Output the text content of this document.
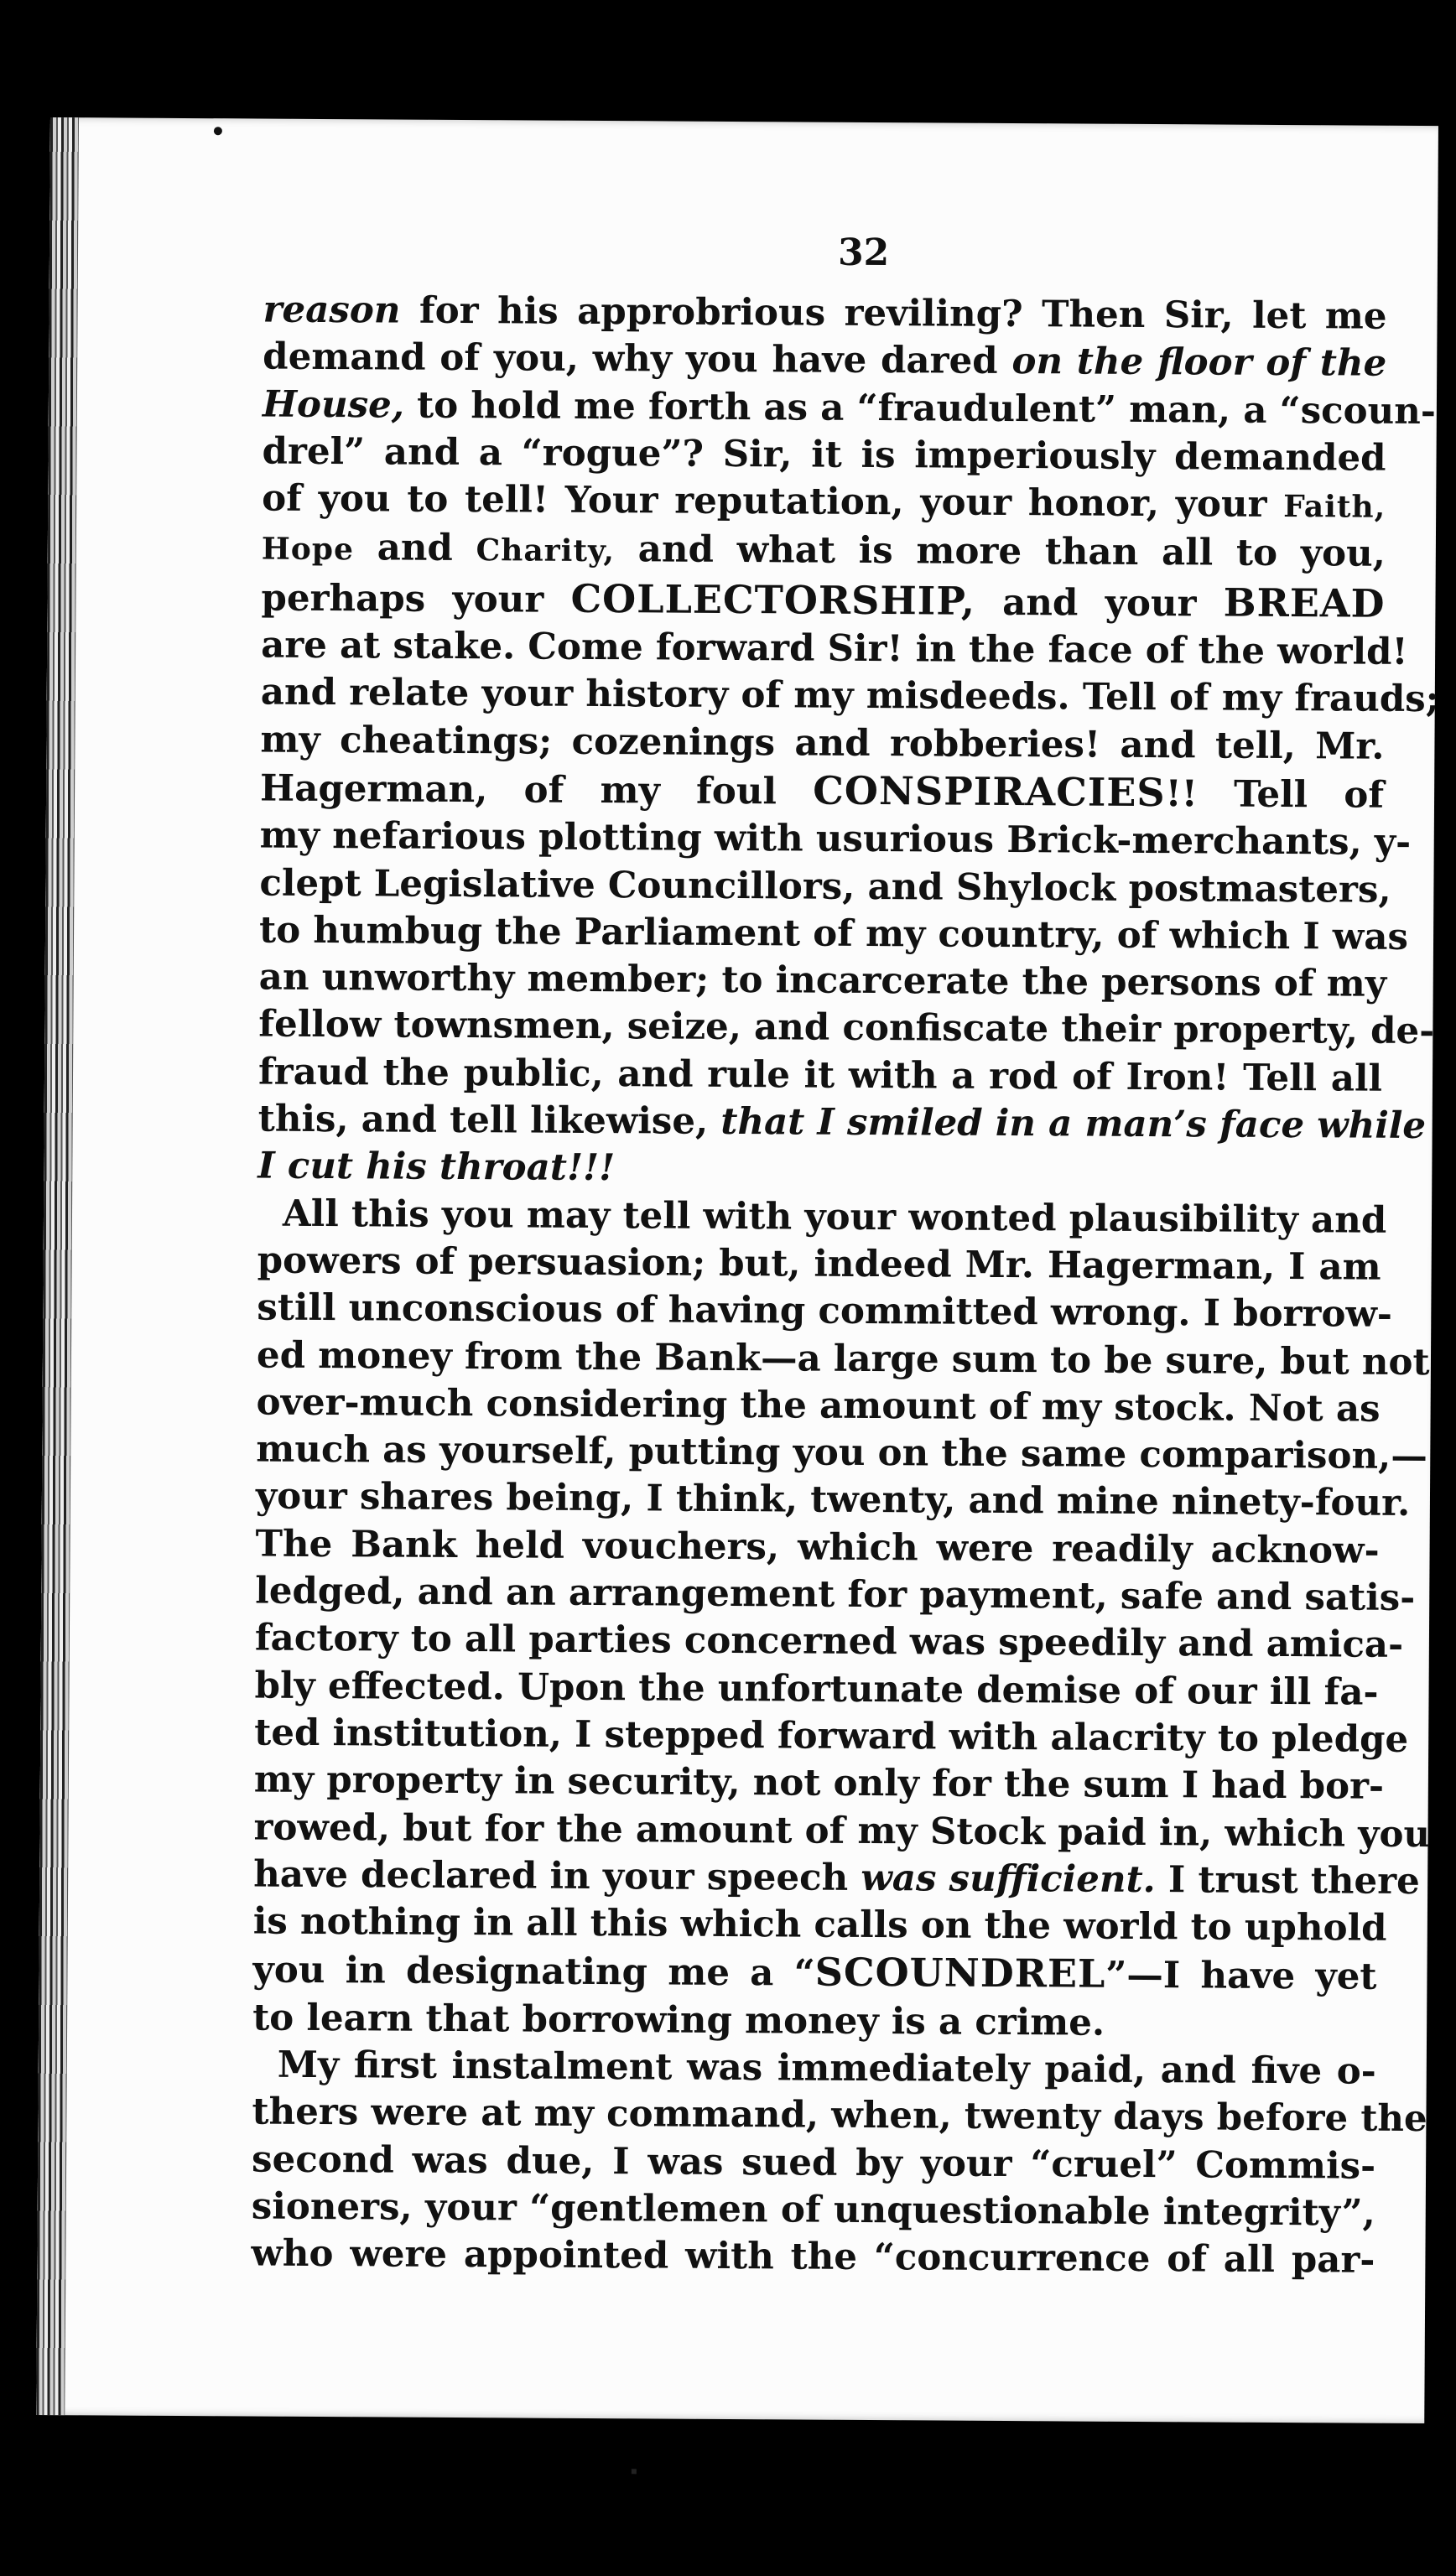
32
reason for his approbrious reviling? Then Sir, let me
demand of you, why you have dared on the floor of the
House, to hold me forth as a “fraudulent” man, a “scoun-
drel” and a “rogue”? Sir, it is imperiously demanded
of you to tell! Your reputation, your honor, your Faith,
Hope and Charity, and what is more than all to you,
perhaps your COLLECTORSHIP, and your BREAD
are at stake. Come forward Sir! in the face of the world!
and relate your history of my misdeeds. Tell of my frauds;
my cheatings; cozenings and robberies! and tell, Mr.
Hagerman, of my foul CONSPIRACIES!! Tell of
my nefarious plotting with usurious Brick-merchants, y-
clept Legislative Councillors, and Shylock postmasters,
to humbug the Parliament of my country, of which I was
an unworthy member; to incarcerate the persons of my
fellow townsmen, seize, and confiscate their property, de-
fraud the public, and rule it with a rod of Iron! Tell all
this, and tell likewise, that I smiled in a man’s face while
I cut his throat!!!
All this you may tell with your wonted plausibility and
powers of persuasion; but, indeed Mr. Hagerman, I am
still unconscious of having committed wrong. I borrow-
ed money from the Bank—a large sum to be sure, but not
over-much considering the amount of my stock. Not as
much as yourself, putting you on the same comparison,—
your shares being, I think, twenty, and mine ninety-four.
The Bank held vouchers, which were readily acknow-
ledged, and an arrangement for payment, safe and satis-
factory to all parties concerned was speedily and amica-
bly effected. Upon the unfortunate demise of our ill fa-
ted institution, I stepped forward with alacrity to pledge
my property in security, not only for the sum I had bor-
rowed, but for the amount of my Stock paid in, which you
have declared in your speech was sufficient. I trust there
is nothing in all this which calls on the world to uphold
you in designating me a “SCOUNDREL”—I have yet
to learn that borrowing money is a crime.
My first instalment was immediately paid, and five o-
thers were at my command, when, twenty days before the
second was due, I was sued by your “cruel” Commis-
sioners, your “gentlemen of unquestionable integrity”,
who were appointed with the “concurrence of all par-
